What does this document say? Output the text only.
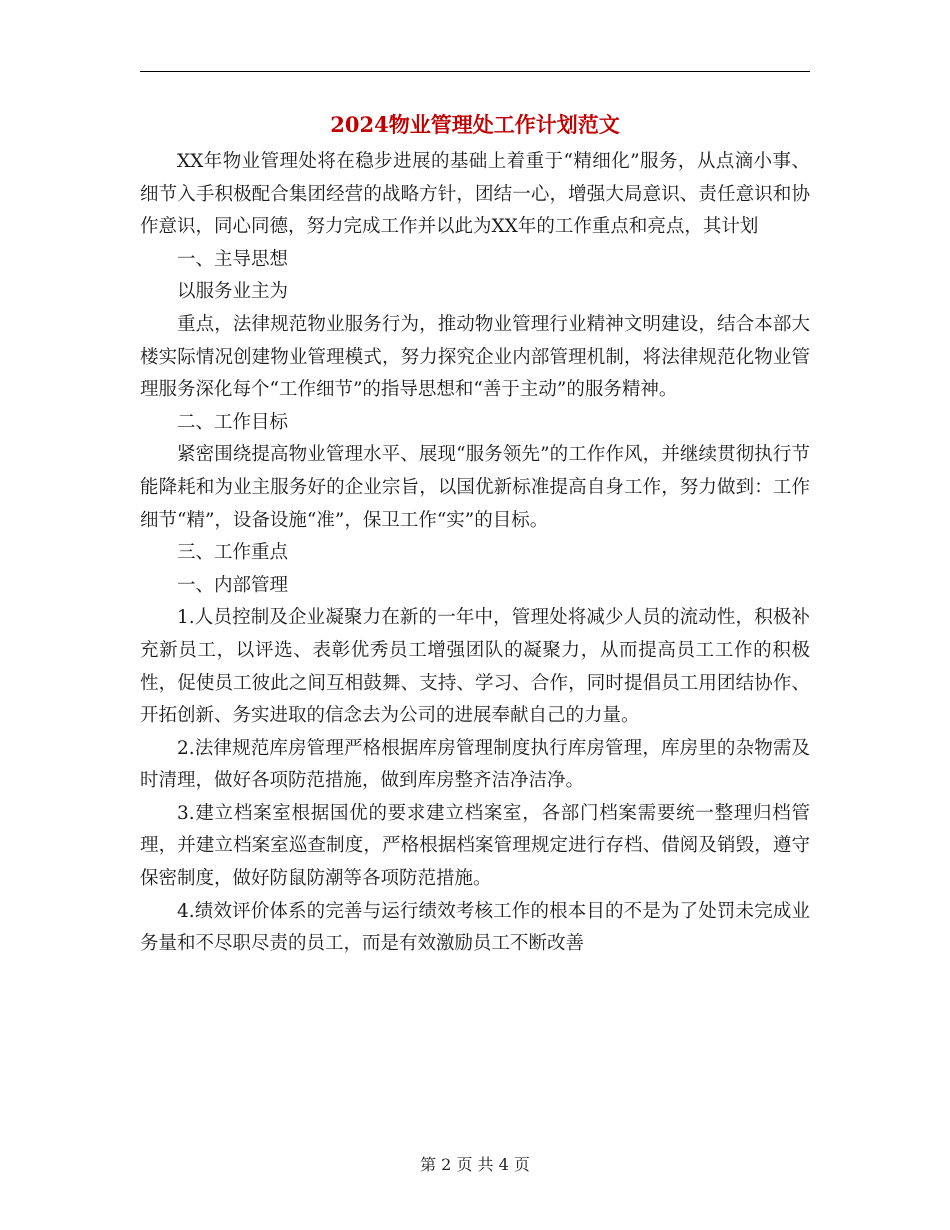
2024物业管理处工作计划范文

XX年物业管理处将在稳步进展的基础上着重于“精细化”服务，从点滴小事、细节入手积极配合集团经营的战略方针，团结一心，增强大局意识、责任意识和协作意识，同心同德，努力完成工作并以此为XX年的工作重点和亮点，其计划

一、主导思想

以服务业主为

重点，法律规范物业服务行为，推动物业管理行业精神文明建设，结合本部大楼实际情况创建物业管理模式，努力探究企业内部管理机制，将法律规范化物业管理服务深化每个“工作细节”的指导思想和“善于主动”的服务精神。

二、工作目标

紧密围绕提高物业管理水平、展现“服务领先”的工作作风，并继续贯彻执行节能降耗和为业主服务好的企业宗旨，以国优新标准提高自身工作，努力做到：工作细节“精”，设备设施“准”，保卫工作“实”的目标。

三、工作重点

一、内部管理

1.人员控制及企业凝聚力在新的一年中，管理处将减少人员的流动性，积极补充新员工，以评选、表彰优秀员工增强团队的凝聚力，从而提高员工工作的积极性，促使员工彼此之间互相鼓舞、支持、学习、合作，同时提倡员工用团结协作、开拓创新、务实进取的信念去为公司的进展奉献自己的力量。

2.法律规范库房管理严格根据库房管理制度执行库房管理，库房里的杂物需及时清理，做好各项防范措施，做到库房整齐洁净洁净。

3.建立档案室根据国优的要求建立档案室，各部门档案需要统一整理归档管理，并建立档案室巡查制度，严格根据档案管理规定进行存档、借阅及销毁，遵守保密制度，做好防鼠防潮等各项防范措施。

4.绩效评价体系的完善与运行绩效考核工作的根本目的不是为了处罚未完成业务量和不尽职尽责的员工，而是有效激励员工不断改善

第 2 页 共 4 页
